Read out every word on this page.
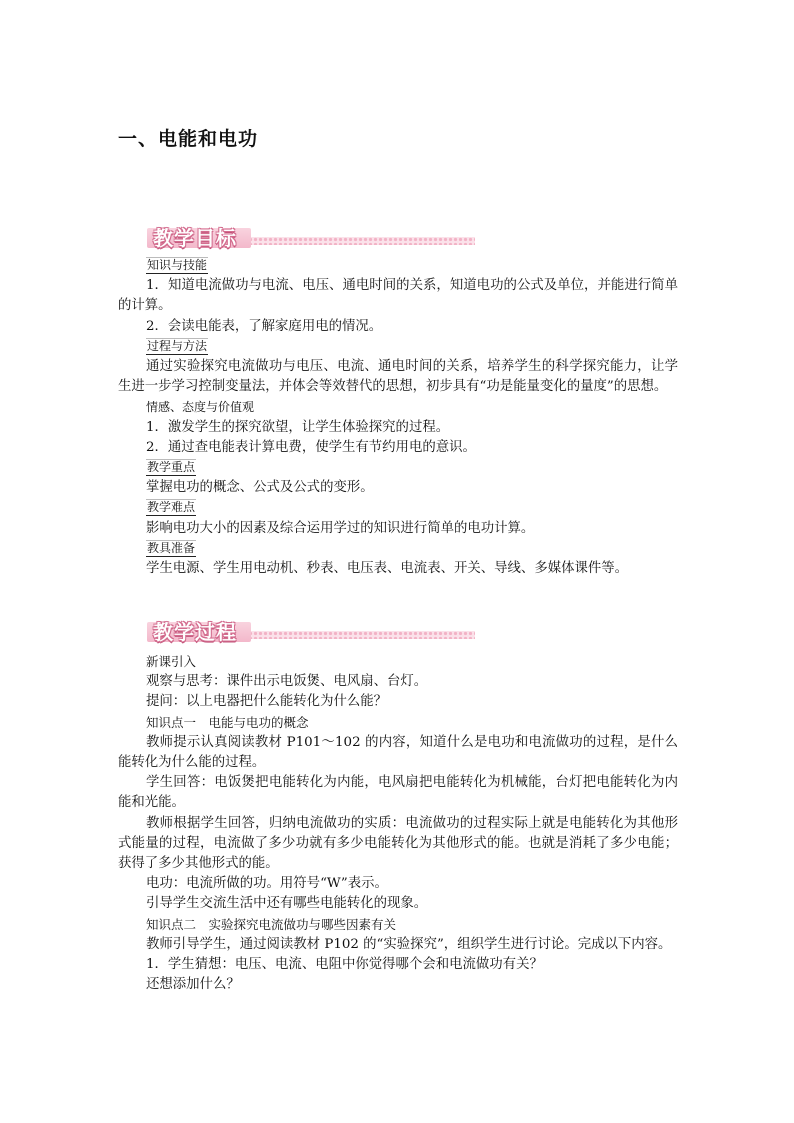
一、电能和电功
教学目标
知识与技能

1．知道电流做功与电流、电压、通电时间的关系，知道电功的公式及单位，并能进行简单的计算。

2．会读电能表，了解家庭用电的情况。

过程与方法

通过实验探究电流做功与电压、电流、通电时间的关系，培养学生的科学探究能力，让学生进一步学习控制变量法，并体会等效替代的思想，初步具有“功是能量变化的量度”的思想。

情感、态度与价值观

1．激发学生的探究欲望，让学生体验探究的过程。

2．通过查电能表计算电费，使学生有节约用电的意识。

教学重点

掌握电功的概念、公式及公式的变形。

教学难点

影响电功大小的因素及综合运用学过的知识进行简单的电功计算。

教具准备

学生电源、学生用电动机、秒表、电压表、电流表、开关、导线、多媒体课件等。

教学过程

新课引入

观察与思考：课件出示电饭煲、电风扇、台灯。

提问：以上电器把什么能转化为什么能？

知识点一　电能与电功的概念

教师提示认真阅读教材 P101～102 的内容，知道什么是电功和电流做功的过程，是什么能转化为什么能的过程。

学生回答：电饭煲把电能转化为内能，电风扇把电能转化为机械能，台灯把电能转化为内能和光能。

教师根据学生回答，归纳电流做功的实质：电流做功的过程实际上就是电能转化为其他形式能量的过程，电流做了多少功就有多少电能转化为其他形式的能。也就是消耗了多少电能；获得了多少其他形式的能。

电功：电流所做的功。用符号“W”表示。

引导学生交流生活中还有哪些电能转化的现象。

知识点二　实验探究电流做功与哪些因素有关

教师引导学生，通过阅读教材 P102 的“实验探究”，组织学生进行讨论。完成以下内容。

1．学生猜想：电压、电流、电阻中你觉得哪个会和电流做功有关？

还想添加什么？
